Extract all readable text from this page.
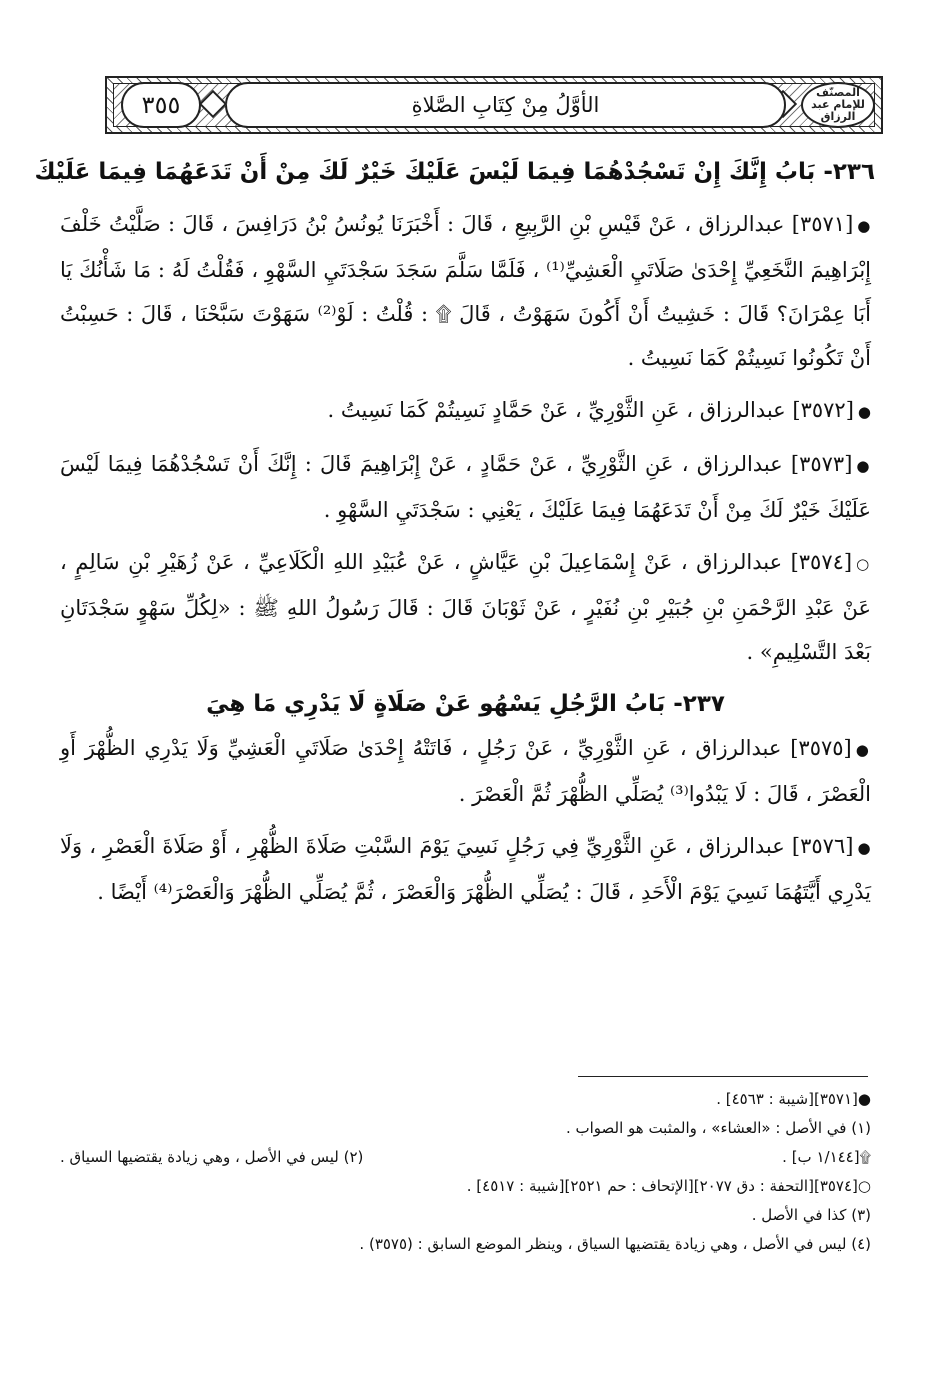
المصنّف للإمام عبد الرزاق
الأوَّلُ مِنْ كِتَابِ الصَّلاةِ
٣٥٥
٢٣٦- بَابُ إِنَّكَ إِنْ تَسْجُدْهُمَا فِيمَا لَيْسَ عَلَيْكَ خَيْرٌ لَكَ مِنْ أَنْ تَدَعَهُمَا فِيمَا عَلَيْكَ

●[٣٥٧١] عبدالرزاق ، عَنْ قَيْسِ بْنِ الرَّبِيعِ ، قَالَ : أَخْبَرَنَا يُونُسُ بْنُ دَرَافِسَ ، قَالَ : صَلَّيْتُ خَلْفَ إِبْرَاهِيمَ النَّخَعِيِّ إِحْدَىٰ صَلَاتَيِ الْعَشِيِّ⁽¹⁾ ، فَلَمَّا سَلَّمَ سَجَدَ سَجْدَتَيِ السَّهْوِ ، فَقُلْتُ لَهُ : مَا شَأْنُكَ يَا أَبَا عِمْرَانَ؟ قَالَ : خَشِيتُ أَنْ أَكُونَ سَهَوْتُ ، قَالَ ۩ : قُلْتُ : لَوْ⁽²⁾ سَهَوْتَ سَبَّحْنَا ، قَالَ : حَسِبْتُ أَنْ تَكُونُوا نَسِيتُمْ كَمَا نَسِيتُ .

●[٣٥٧٢] عبدالرزاق ، عَنِ الثَّوْرِيِّ ، عَنْ حَمَّادٍ نَسِيتُمْ كَمَا نَسِيتُ .

●[٣٥٧٣] عبدالرزاق ، عَنِ الثَّوْرِيِّ ، عَنْ حَمَّادٍ ، عَنْ إِبْرَاهِيمَ قَالَ : إِنَّكَ أَنْ تَسْجُدْهُمَا فِيمَا لَيْسَ عَلَيْكَ خَيْرٌ لَكَ مِنْ أَنْ تَدَعَهُمَا فِيمَا عَلَيْكَ ، يَعْنِي : سَجْدَتَيِ السَّهْوِ .

○[٣٥٧٤] عبدالرزاق ، عَنْ إِسْمَاعِيلَ بْنِ عَيَّاشٍ ، عَنْ عُبَيْدِ اللهِ الْكَلَاعِيِّ ، عَنْ زُهَيْرِ بْنِ سَالِمٍ ، عَنْ عَبْدِ الرَّحْمَنِ بْنِ جُبَيْرِ بْنِ نُفَيْرٍ ، عَنْ ثَوْبَانَ قَالَ : قَالَ رَسُولُ اللهِ ﷺ : «لِكُلِّ سَهْوٍ سَجْدَتَانِ بَعْدَ التَّسْلِيمِ» .

٢٣٧- بَابُ الرَّجُلِ يَسْهُو عَنْ صَلَاةٍ لَا يَدْرِي مَا هِيَ

●[٣٥٧٥] عبدالرزاق ، عَنِ الثَّوْرِيِّ ، عَنْ رَجُلٍ ، فَاتَتْهُ إِحْدَىٰ صَلَاتَيِ الْعَشِيِّ وَلَا يَدْرِي الظُّهْرَ أَوِ الْعَصْرَ ، قَالَ : لَا يَبْدُوا⁽³⁾ يُصَلِّي الظُّهْرَ ثُمَّ الْعَصْرَ .

●[٣٥٧٦] عبدالرزاق ، عَنِ الثَّوْرِيِّ فِي رَجُلٍ نَسِيَ يَوْمَ السَّبْتِ صَلَاةَ الظُّهْرِ ، أَوْ صَلَاةَ الْعَصْرِ ، وَلَا يَدْرِي أَيَّتَهُمَا نَسِيَ يَوْمَ الْأَحَدِ ، قَالَ : يُصَلِّي الظُّهْرَ وَالْعَصْرَ ، ثُمَّ يُصَلِّي الظُّهْرَ وَالْعَصْرَ⁽⁴⁾ أَيْضًا .

●[٣٥٧١][شيبة : ٤٥٦٣] .
(١) في الأصل : «العشاء» ، والمثبت هو الصواب .
۩[١/١٤٤ ب] .
(٢) ليس في الأصل ، وهي زيادة يقتضيها السياق .
○[٣٥٧٤][التحفة : دق ٢٠٧٧][الإتحاف : حم ٢٥٢١][شيبة : ٤٥١٧] .
(٣) كذا في الأصل .
(٤) ليس في الأصل ، وهي زيادة يقتضيها السياق ، وينظر الموضع السابق : (٣٥٧٥) .
